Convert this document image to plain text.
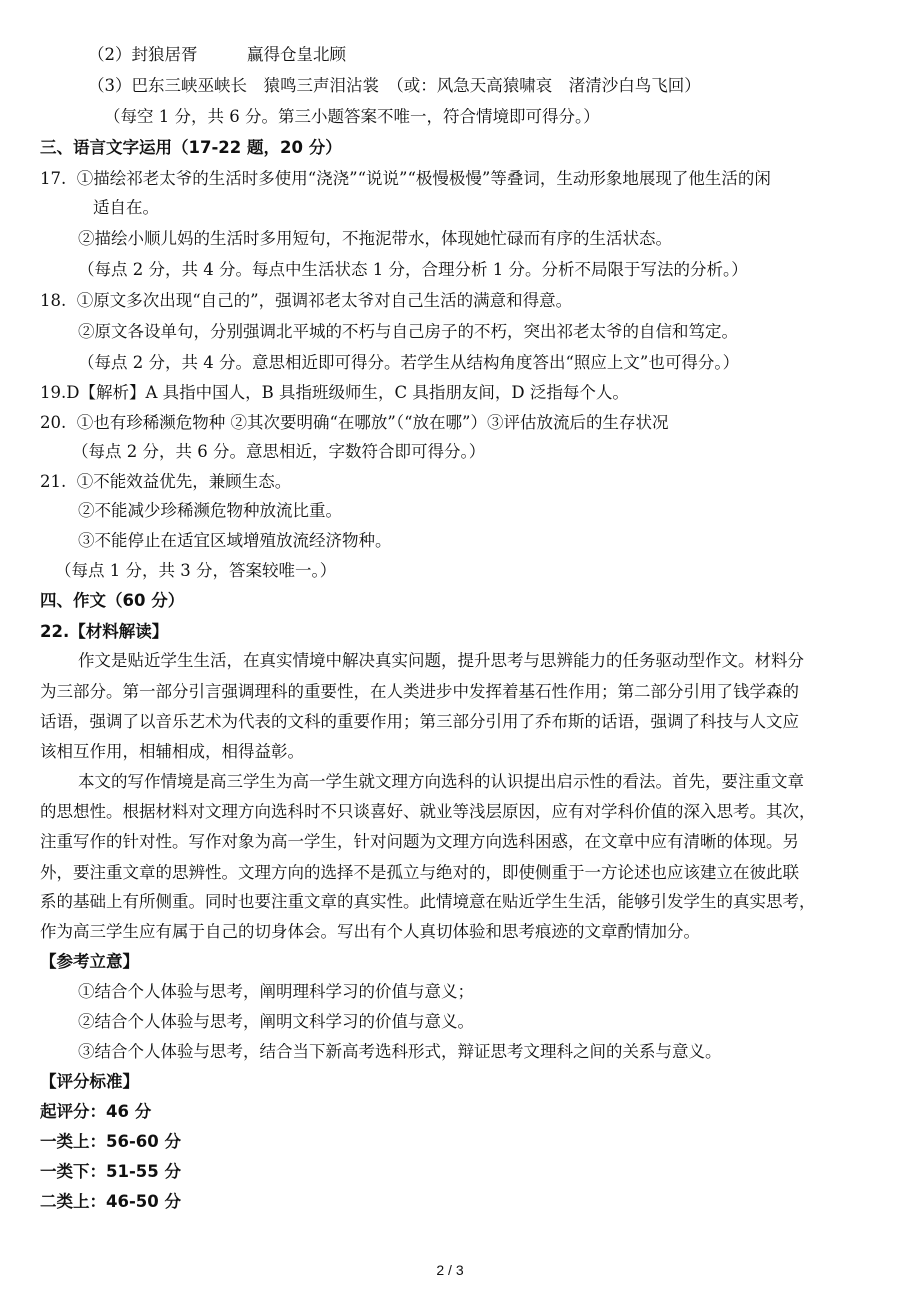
（2）封狼居胥　　　赢得仓皇北顾
（3）巴东三峡巫峡长　猿鸣三声泪沾裳　（或：风急天高猿啸哀　渚清沙白鸟飞回）
（每空 1 分，共 6 分。第三小题答案不唯一，符合情境即可得分。）
三、语言文字运用（17-22 题，20 分）
17.  ①描绘祁老太爷的生活时多使用“浇浇”“说说”“极慢极慢”等叠词，生动形象地展现了他生活的闲
适自在。
②描绘小顺儿妈的生活时多用短句，不拖泥带水，体现她忙碌而有序的生活状态。
（每点 2 分，共 4 分。每点中生活状态 1 分，合理分析 1 分。分析不局限于写法的分析。）
18.  ①原文多次出现“自己的”，强调祁老太爷对自己生活的满意和得意。
②原文各设单句，分别强调北平城的不朽与自己房子的不朽，突出祁老太爷的自信和笃定。
（每点 2 分，共 4 分。意思相近即可得分。若学生从结构角度答出“照应上文”也可得分。）
19.D【解析】A 具指中国人，B 具指班级师生，C 具指朋友间，D 泛指每个人。
20.  ①也有珍稀濒危物种 ②其次要明确“在哪放”（“放在哪”）③评估放流后的生存状况
（每点 2 分，共 6 分。意思相近，字数符合即可得分。）
21.  ①不能效益优先，兼顾生态。
②不能减少珍稀濒危物种放流比重。
③不能停止在适宜区域增殖放流经济物种。
（每点 1 分，共 3 分，答案较唯一。）
四、作文（60 分）
22.【材料解读】
作文是贴近学生生活，在真实情境中解决真实问题，提升思考与思辨能力的任务驱动型作文。材料分
为三部分。第一部分引言强调理科的重要性，在人类进步中发挥着基石性作用；第二部分引用了钱学森的
话语，强调了以音乐艺术为代表的文科的重要作用；第三部分引用了乔布斯的话语，强调了科技与人文应
该相互作用，相辅相成，相得益彰。
本文的写作情境是高三学生为高一学生就文理方向选科的认识提出启示性的看法。首先，要注重文章
的思想性。根据材料对文理方向选科时不只谈喜好、就业等浅层原因，应有对学科价值的深入思考。其次，
注重写作的针对性。写作对象为高一学生，针对问题为文理方向选科困惑，在文章中应有清晰的体现。另
外，要注重文章的思辨性。文理方向的选择不是孤立与绝对的，即使侧重于一方论述也应该建立在彼此联
系的基础上有所侧重。同时也要注重文章的真实性。此情境意在贴近学生生活，能够引发学生的真实思考，
作为高三学生应有属于自己的切身体会。写出有个人真切体验和思考痕迹的文章酌情加分。
【参考立意】
①结合个人体验与思考，阐明理科学习的价值与意义；
②结合个人体验与思考，阐明文科学习的价值与意义。
③结合个人体验与思考，结合当下新高考选科形式，辩证思考文理科之间的关系与意义。
【评分标准】
起评分：46 分
一类上：56-60 分
一类下：51-55 分
二类上：46-50 分
2 / 3
